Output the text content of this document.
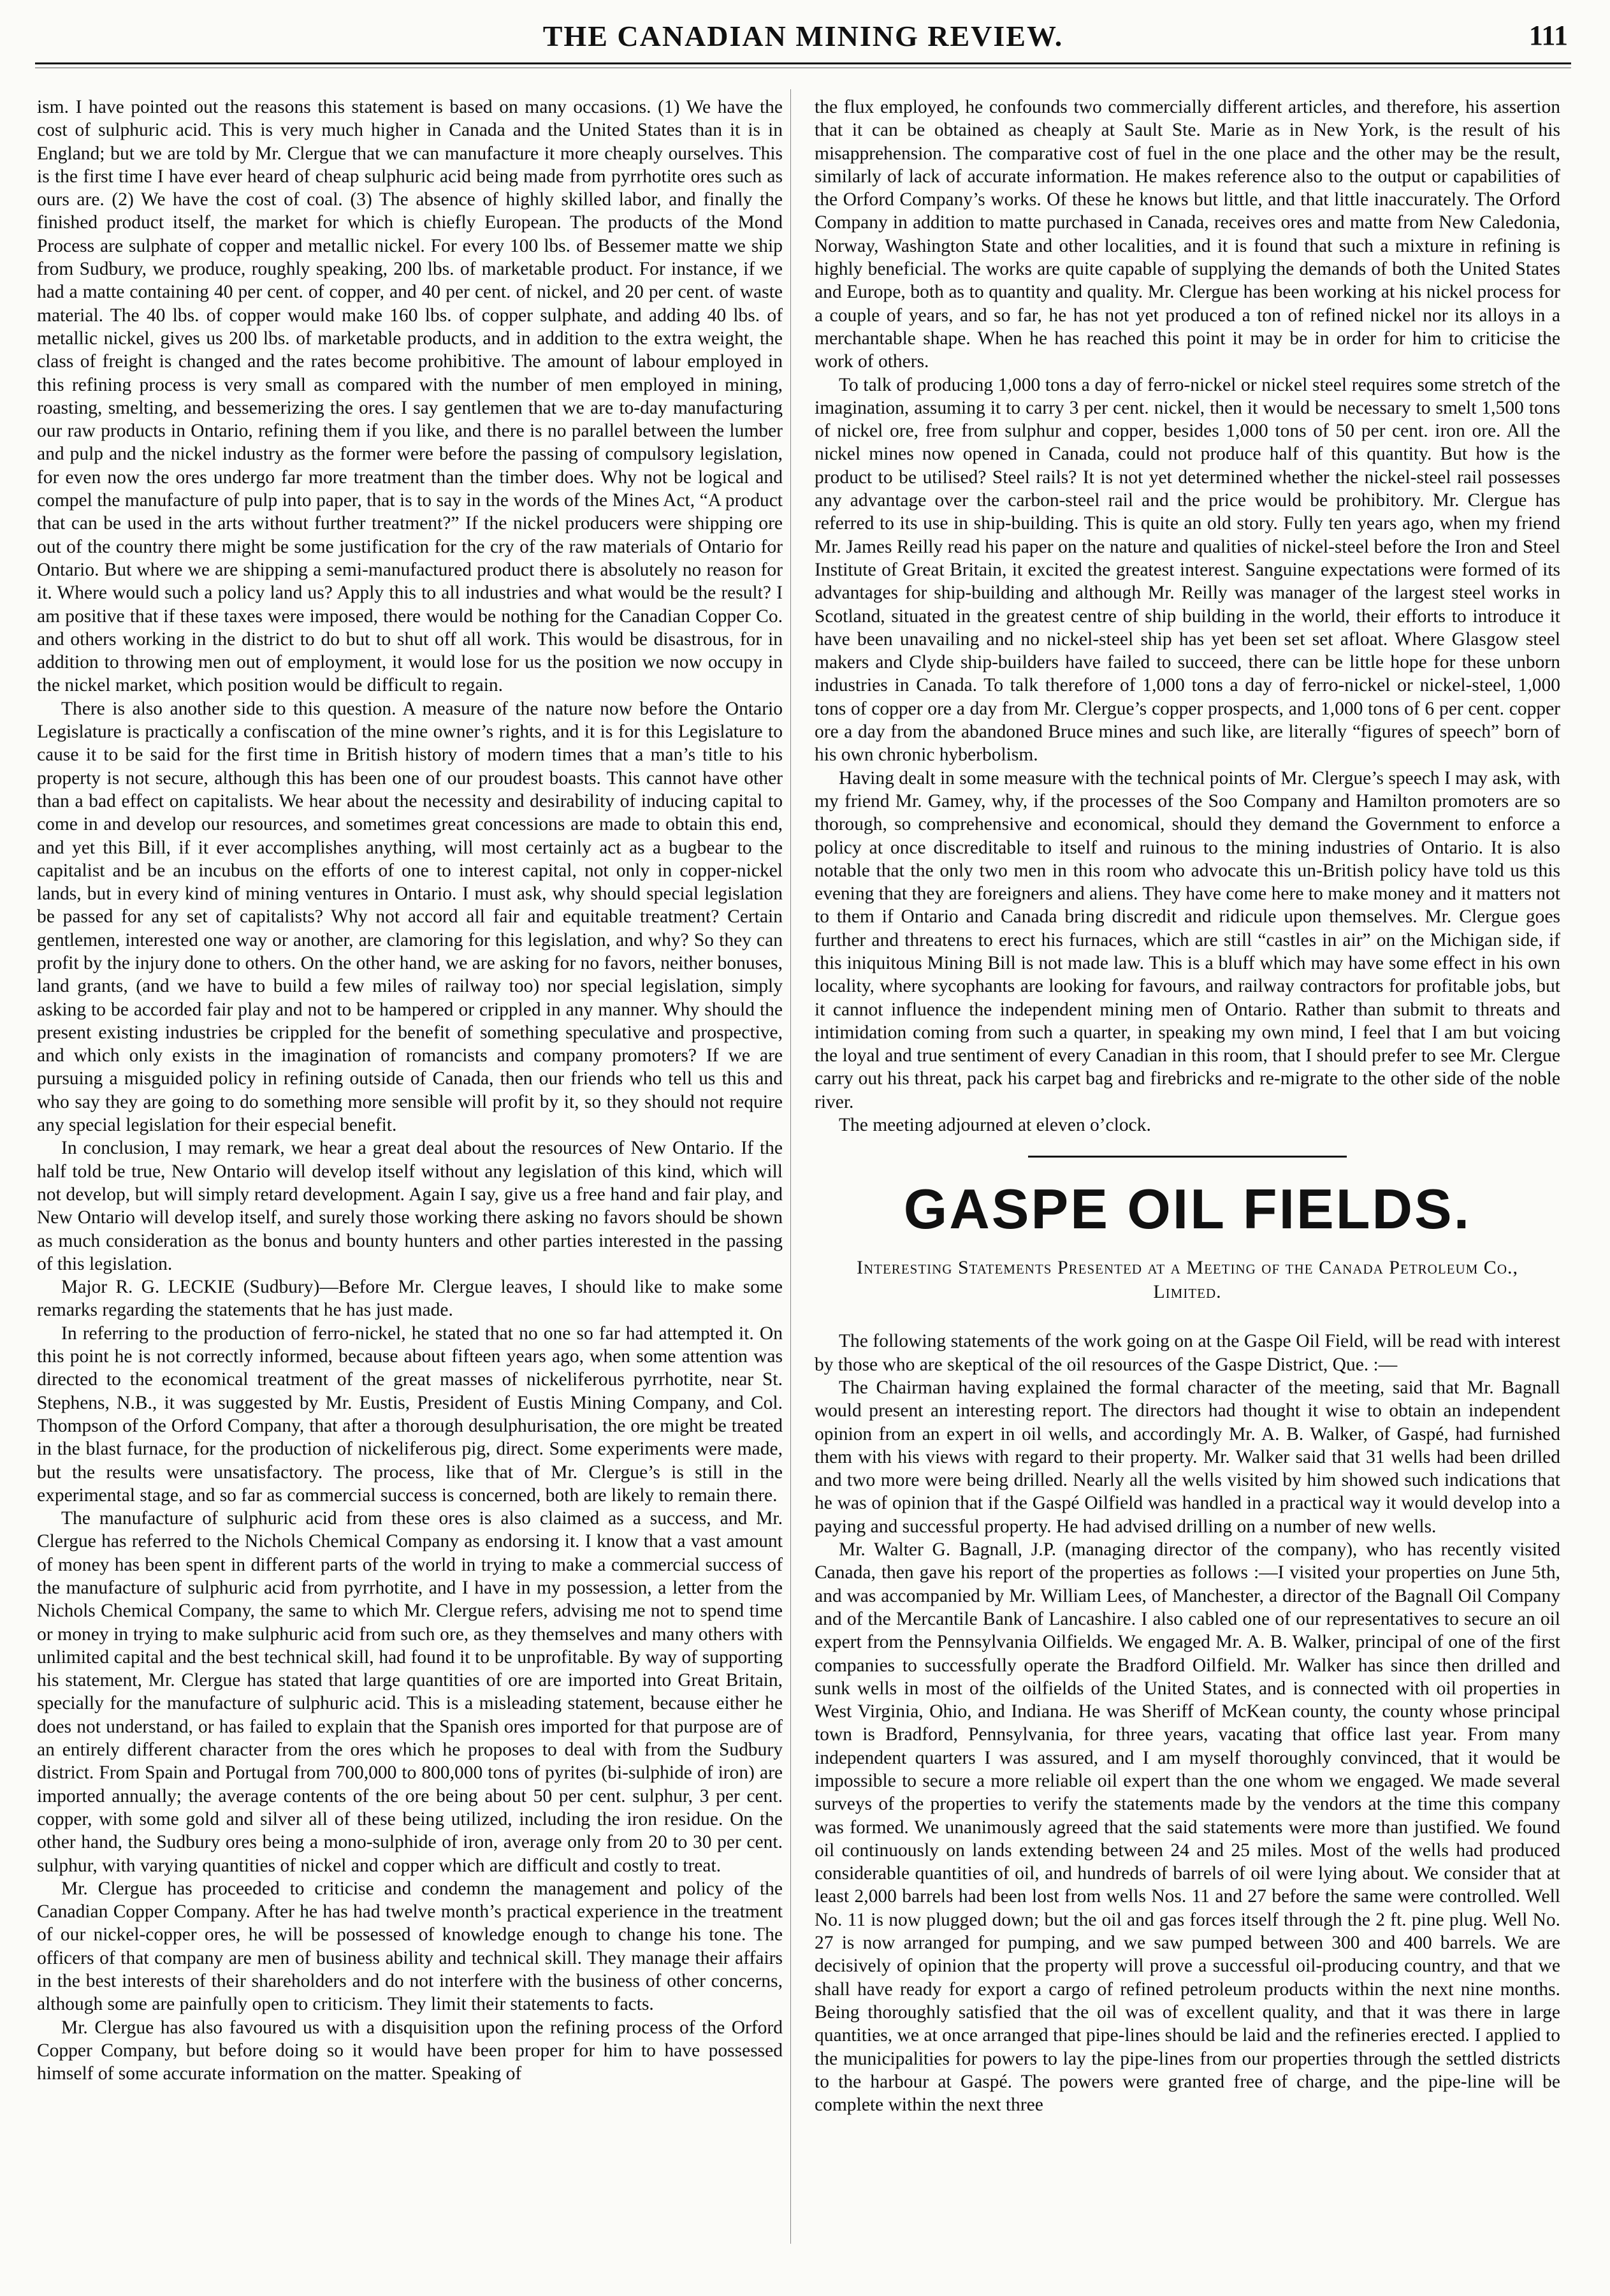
THE CANADIAN MINING REVIEW.	111

ism. I have pointed out the reasons this statement is based on many occasions. (1) We have the cost of sulphuric acid. This is very much higher in Canada and the United States than it is in England; but we are told by Mr. Clergue that we can manufacture it more cheaply ourselves. This is the first time I have ever heard of cheap sulphuric acid being made from pyrrhotite ores such as ours are. (2) We have the cost of coal. (3) The absence of highly skilled labor, and finally the finished product itself, the market for which is chiefly European. The products of the Mond Process are sulphate of copper and metallic nickel. For every 100 lbs. of Bessemer matte we ship from Sudbury, we produce, roughly speaking, 200 lbs. of marketable product. For instance, if we had a matte containing 40 per cent. of copper, and 40 per cent. of nickel, and 20 per cent. of waste material. The 40 lbs. of copper would make 160 lbs. of copper sulphate, and adding 40 lbs. of metallic nickel, gives us 200 lbs. of marketable products, and in addition to the extra weight, the class of freight is changed and the rates become prohibitive. The amount of labour employed in this refining process is very small as compared with the number of men employed in mining, roasting, smelting, and bessemerizing the ores. I say gentlemen that we are to-day manufacturing our raw products in Ontario, refining them if you like, and there is no parallel between the lumber and pulp and the nickel industry as the former were before the passing of compulsory legislation, for even now the ores undergo far more treatment than the timber does. Why not be logical and compel the manufacture of pulp into paper, that is to say in the words of the Mines Act, “A product that can be used in the arts without further treatment?” If the nickel producers were shipping ore out of the country there might be some justification for the cry of the raw materials of Ontario for Ontario. But where we are shipping a semi-manufactured product there is absolutely no reason for it. Where would such a policy land us? Apply this to all industries and what would be the result? I am positive that if these taxes were imposed, there would be nothing for the Canadian Copper Co. and others working in the district to do but to shut off all work. This would be disastrous, for in addition to throwing men out of employment, it would lose for us the position we now occupy in the nickel market, which position would be difficult to regain.

There is also another side to this question. A measure of the nature now before the Ontario Legislature is practically a confiscation of the mine owner’s rights, and it is for this Legislature to cause it to be said for the first time in British history of modern times that a man’s title to his property is not secure, although this has been one of our proudest boasts. This cannot have other than a bad effect on capitalists. We hear about the necessity and desirability of inducing capital to come in and develop our resources, and sometimes great concessions are made to obtain this end, and yet this Bill, if it ever accomplishes anything, will most certainly act as a bugbear to the capitalist and be an incubus on the efforts of one to interest capital, not only in copper-nickel lands, but in every kind of mining ventures in Ontario. I must ask, why should special legislation be passed for any set of capitalists? Why not accord all fair and equitable treatment? Certain gentlemen, interested one way or another, are clamoring for this legislation, and why? So they can profit by the injury done to others. On the other hand, we are asking for no favors, neither bonuses, land grants, (and we have to build a few miles of railway too) nor special legislation, simply asking to be accorded fair play and not to be hampered or crippled in any manner. Why should the present existing industries be crippled for the benefit of something speculative and prospective, and which only exists in the imagination of romancists and company promoters? If we are pursuing a misguided policy in refining outside of Canada, then our friends who tell us this and who say they are going to do something more sensible will profit by it, so they should not require any special legislation for their especial benefit.

In conclusion, I may remark, we hear a great deal about the resources of New Ontario. If the half told be true, New Ontario will develop itself without any legislation of this kind, which will not develop, but will simply retard development. Again I say, give us a free hand and fair play, and New Ontario will develop itself, and surely those working there asking no favors should be shown as much consideration as the bonus and bounty hunters and other parties interested in the passing of this legislation.

Major R. G. LECKIE (Sudbury)—Before Mr. Clergue leaves, I should like to make some remarks regarding the statements that he has just made.

In referring to the production of ferro-nickel, he stated that no one so far had attempted it. On this point he is not correctly informed, because about fifteen years ago, when some attention was directed to the economical treatment of the great masses of nickeliferous pyrrhotite, near St. Stephens, N.B., it was suggested by Mr. Eustis, President of Eustis Mining Company, and Col. Thompson of the Orford Company, that after a thorough desulphurisation, the ore might be treated in the blast furnace, for the production of nickeliferous pig, direct. Some experiments were made, but the results were unsatisfactory. The process, like that of Mr. Clergue’s is still in the experimental stage, and so far as commercial success is concerned, both are likely to remain there.

The manufacture of sulphuric acid from these ores is also claimed as a success, and Mr. Clergue has referred to the Nichols Chemical Company as endorsing it. I know that a vast amount of money has been spent in different parts of the world in trying to make a commercial success of the manufacture of sulphuric acid from pyrrhotite, and I have in my possession, a letter from the Nichols Chemical Company, the same to which Mr. Clergue refers, advising me not to spend time or money in trying to make sulphuric acid from such ore, as they themselves and many others with unlimited capital and the best technical skill, had found it to be unprofitable. By way of supporting his statement, Mr. Clergue has stated that large quantities of ore are imported into Great Britain, specially for the manufacture of sulphuric acid. This is a misleading statement, because either he does not understand, or has failed to explain that the Spanish ores imported for that purpose are of an entirely different character from the ores which he proposes to deal with from the Sudbury district. From Spain and Portugal from 700,000 to 800,000 tons of pyrites (bi-sulphide of iron) are imported annually; the average contents of the ore being about 50 per cent. sulphur, 3 per cent. copper, with some gold and silver all of these being utilized, including the iron residue. On the other hand, the Sudbury ores being a mono-sulphide of iron, average only from 20 to 30 per cent. sulphur, with varying quantities of nickel and copper which are difficult and costly to treat.

Mr. Clergue has proceeded to criticise and condemn the management and policy of the Canadian Copper Company. After he has had twelve month’s practical experience in the treatment of our nickel-copper ores, he will be possessed of knowledge enough to change his tone. The officers of that company are men of business ability and technical skill. They manage their affairs in the best interests of their shareholders and do not interfere with the business of other concerns, although some are painfully open to criticism. They limit their statements to facts.

Mr. Clergue has also favoured us with a disquisition upon the refining process of the Orford Copper Company, but before doing so it would have been proper for him to have possessed himself of some accurate information on the matter. Speaking of

the flux employed, he confounds two commercially different articles, and therefore, his assertion that it can be obtained as cheaply at Sault Ste. Marie as in New York, is the result of his misapprehension. The comparative cost of fuel in the one place and the other may be the result, similarly of lack of accurate information. He makes reference also to the output or capabilities of the Orford Company’s works. Of these he knows but little, and that little inaccurately. The Orford Company in addition to matte purchased in Canada, receives ores and matte from New Caledonia, Norway, Washington State and other localities, and it is found that such a mixture in refining is highly beneficial. The works are quite capable of supplying the demands of both the United States and Europe, both as to quantity and quality. Mr. Clergue has been working at his nickel process for a couple of years, and so far, he has not yet produced a ton of refined nickel nor its alloys in a merchantable shape. When he has reached this point it may be in order for him to criticise the work of others.

To talk of producing 1,000 tons a day of ferro-nickel or nickel steel requires some stretch of the imagination, assuming it to carry 3 per cent. nickel, then it would be necessary to smelt 1,500 tons of nickel ore, free from sulphur and copper, besides 1,000 tons of 50 per cent. iron ore. All the nickel mines now opened in Canada, could not produce half of this quantity. But how is the product to be utilised? Steel rails? It is not yet determined whether the nickel-steel rail possesses any advantage over the carbon-steel rail and the price would be prohibitory. Mr. Clergue has referred to its use in ship-building. This is quite an old story. Fully ten years ago, when my friend Mr. James Reilly read his paper on the nature and qualities of nickel-steel before the Iron and Steel Institute of Great Britain, it excited the greatest interest. Sanguine expectations were formed of its advantages for ship-building and although Mr. Reilly was manager of the largest steel works in Scotland, situated in the greatest centre of ship building in the world, their efforts to introduce it have been unavailing and no nickel-steel ship has yet been set set afloat. Where Glasgow steel makers and Clyde ship-builders have failed to succeed, there can be little hope for these unborn industries in Canada. To talk therefore of 1,000 tons a day of ferro-nickel or nickel-steel, 1,000 tons of copper ore a day from Mr. Clergue’s copper prospects, and 1,000 tons of 6 per cent. copper ore a day from the abandoned Bruce mines and such like, are literally “figures of speech” born of his own chronic hyberbolism.

Having dealt in some measure with the technical points of Mr. Clergue’s speech I may ask, with my friend Mr. Gamey, why, if the processes of the Soo Company and Hamilton promoters are so thorough, so comprehensive and economical, should they demand the Government to enforce a policy at once discreditable to itself and ruinous to the mining industries of Ontario. It is also notable that the only two men in this room who advocate this un-British policy have told us this evening that they are foreigners and aliens. They have come here to make money and it matters not to them if Ontario and Canada bring discredit and ridicule upon themselves. Mr. Clergue goes further and threatens to erect his furnaces, which are still “castles in air” on the Michigan side, if this iniquitous Mining Bill is not made law. This is a bluff which may have some effect in his own locality, where sycophants are looking for favours, and railway contractors for profitable jobs, but it cannot influence the independent mining men of Ontario. Rather than submit to threats and intimidation coming from such a quarter, in speaking my own mind, I feel that I am but voicing the loyal and true sentiment of every Canadian in this room, that I should prefer to see Mr. Clergue carry out his threat, pack his carpet bag and firebricks and re-migrate to the other side of the noble river.

The meeting adjourned at eleven o’clock.

GASPE OIL FIELDS.
Interesting Statements Presented at a Meeting of the Canada Petroleum Co., Limited.

The following statements of the work going on at the Gaspe Oil Field, will be read with interest by those who are skeptical of the oil resources of the Gaspe District, Que. :—

The Chairman having explained the formal character of the meeting, said that Mr. Bagnall would present an interesting report. The directors had thought it wise to obtain an independent opinion from an expert in oil wells, and accordingly Mr. A. B. Walker, of Gaspé, had furnished them with his views with regard to their property. Mr. Walker said that 31 wells had been drilled and two more were being drilled. Nearly all the wells visited by him showed such indications that he was of opinion that if the Gaspé Oilfield was handled in a practical way it would develop into a paying and successful property. He had advised drilling on a number of new wells.

Mr. Walter G. Bagnall, J.P. (managing director of the company), who has recently visited Canada, then gave his report of the properties as follows :—I visited your properties on June 5th, and was accompanied by Mr. William Lees, of Manchester, a director of the Bagnall Oil Company and of the Mercantile Bank of Lancashire. I also cabled one of our representatives to secure an oil expert from the Pennsylvania Oilfields. We engaged Mr. A. B. Walker, principal of one of the first companies to successfully operate the Bradford Oilfield. Mr. Walker has since then drilled and sunk wells in most of the oilfields of the United States, and is connected with oil properties in West Virginia, Ohio, and Indiana. He was Sheriff of McKean county, the county whose principal town is Bradford, Pennsylvania, for three years, vacating that office last year. From many independent quarters I was assured, and I am myself thoroughly convinced, that it would be impossible to secure a more reliable oil expert than the one whom we engaged. We made several surveys of the properties to verify the statements made by the vendors at the time this company was formed. We unanimously agreed that the said statements were more than justified. We found oil continuously on lands extending between 24 and 25 miles. Most of the wells had produced considerable quantities of oil, and hundreds of barrels of oil were lying about. We consider that at least 2,000 barrels had been lost from wells Nos. 11 and 27 before the same were controlled. Well No. 11 is now plugged down; but the oil and gas forces itself through the 2 ft. pine plug. Well No. 27 is now arranged for pumping, and we saw pumped between 300 and 400 barrels. We are decisively of opinion that the property will prove a successful oil-producing country, and that we shall have ready for export a cargo of refined petroleum products within the next nine months. Being thoroughly satisfied that the oil was of excellent quality, and that it was there in large quantities, we at once arranged that pipe-lines should be laid and the refineries erected. I applied to the municipalities for powers to lay the pipe-lines from our properties through the settled districts to the harbour at Gaspé. The powers were granted free of charge, and the pipe-line will be complete within the next three
